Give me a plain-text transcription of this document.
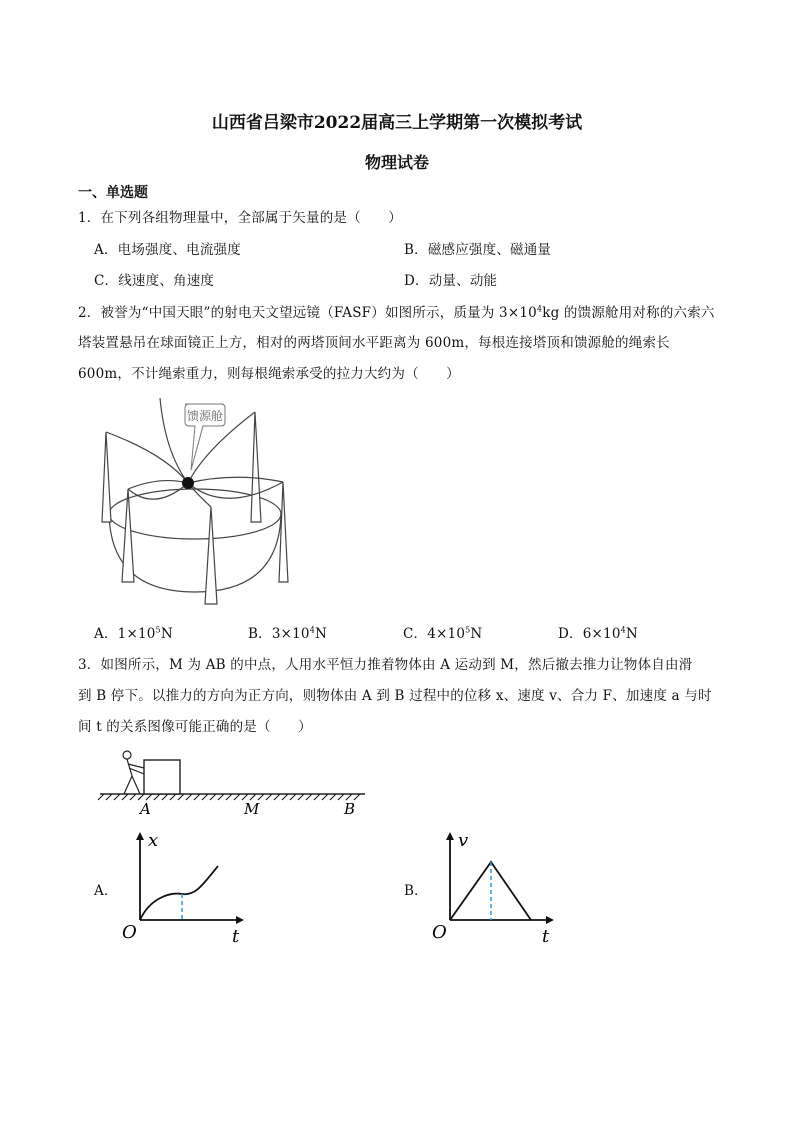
山西省吕梁市2022届高三上学期第一次模拟考试
物理试卷
一、单选题
1．在下列各组物理量中，全部属于矢量的是（　　）
A．电场强度、电流强度	B．磁感应强度、磁通量
C．线速度、角速度	D．动量、动能
2．被誉为“中国天眼”的射电天文望远镜（FASF）如图所示，质量为 $3\times 10^4kg$ 的馈源舱用对称的六索六
塔装置悬吊在球面镜正上方，相对的两塔顶间水平距离为 600m，每根连接塔顶和馈源舱的绳索长
600m，不计绳索重力，则每根绳索承受的拉力大约为（　　）
馈源舱
A．$1\times 10^5N$	B．$3\times 10^4N$	C．$4\times 10^5N$	D．$6\times 10^4N$
3．如图所示，M 为 AB 的中点，人用水平恒力推着物体由 A 运动到 M，然后撤去推力让物体自由滑
到 B 停下。以推力的方向为正方向，则物体由 A 到 B 过程中的位移 x、速度 v、合力 F、加速度 a 与时
间 t 的关系图像可能正确的是（　　）
A	M	B
A．
x
t
O
B．
v
t
O
